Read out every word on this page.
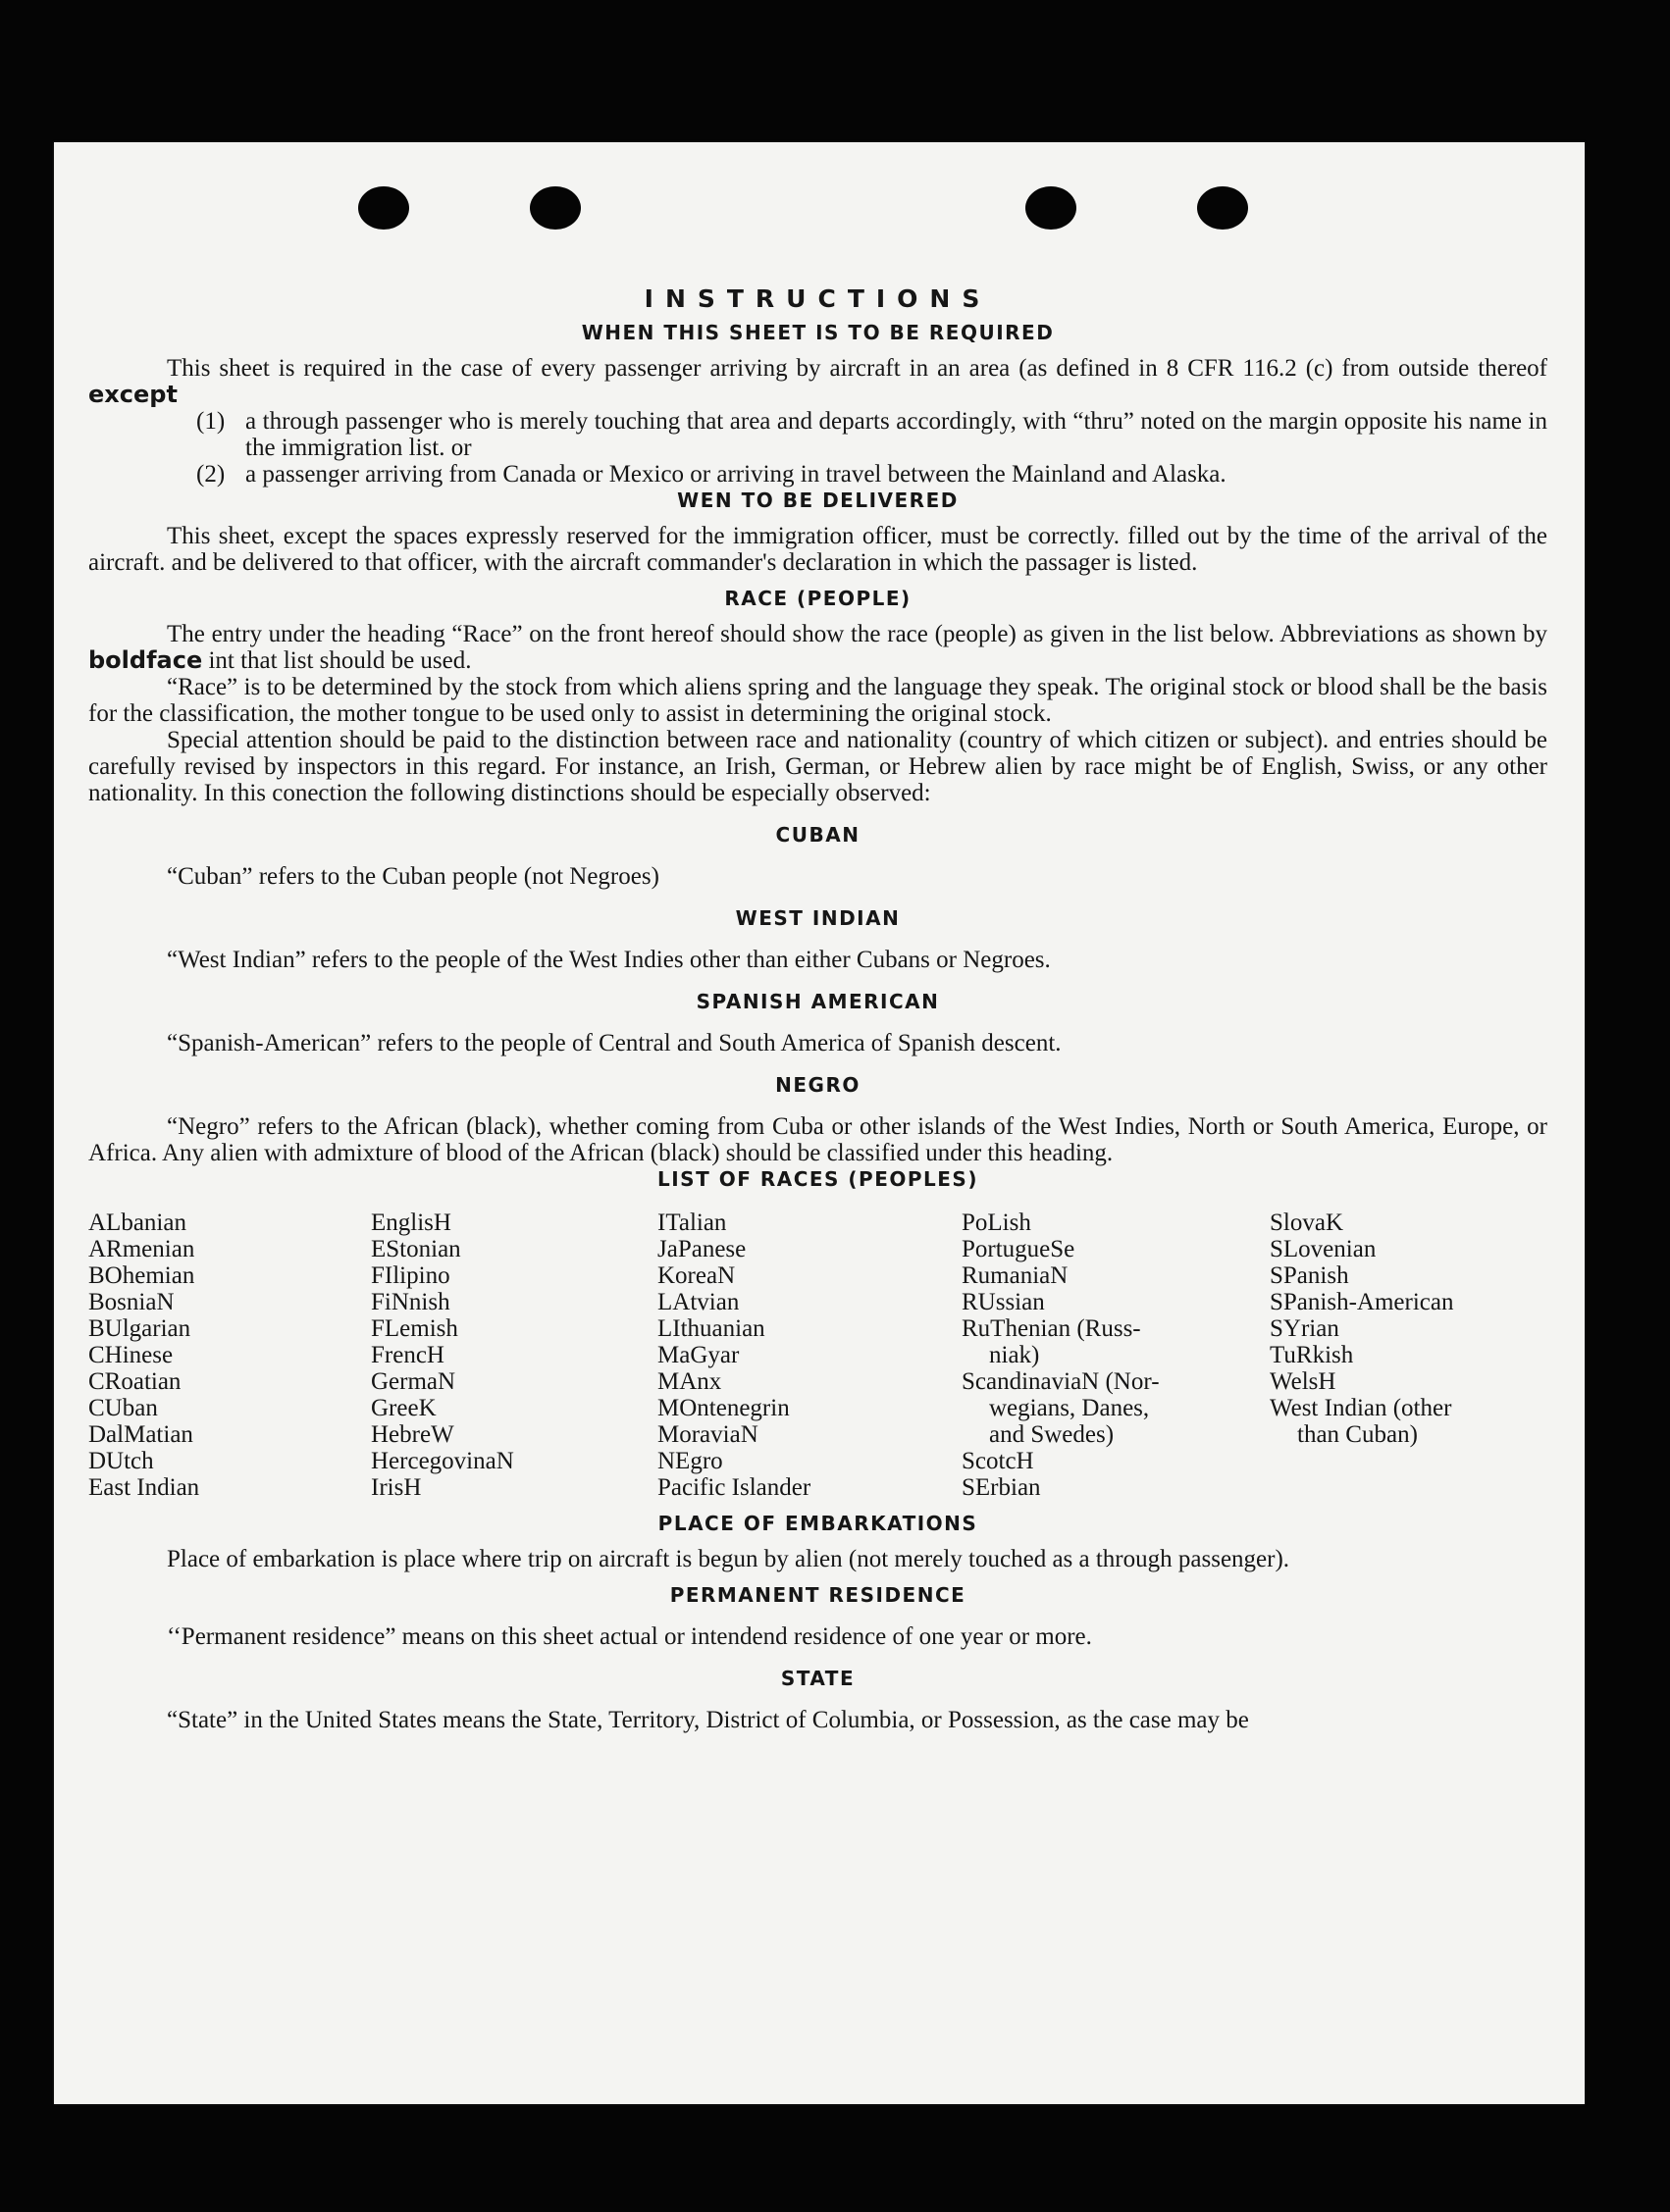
INSTRUCTIONS
WHEN THIS SHEET IS TO BE REQUIRED

This sheet is required in the case of every passenger arriving by aircraft in an area (as defined in 8 CFR 116.2 (c) from outside thereof except

(1) a through passenger who is merely touching that area and departs accordingly, with “thru” noted on the margin opposite his name in the immigration list. or
(2) a passenger arriving from Canada or Mexico or arriving in travel between the Mainland and Alaska.
WEN TO BE DELIVERED

This sheet, except the spaces expressly reserved for the immigration officer, must be correctly. filled out by the time of the arrival of the aircraft. and be delivered to that officer, with the aircraft commander's declaration in which the passager is listed.

RACE (PEOPLE)

The entry under the heading “Race” on the front hereof should show the race (people) as given in the list below. Abbreviations as shown by boldface int that list should be used.

“Race” is to be determined by the stock from which aliens spring and the language they speak. The original stock or blood shall be the basis for the classification, the mother tongue to be used only to assist in determining the original stock.

Special attention should be paid to the distinction between race and nationality (country of which citizen or subject). and entries should be carefully revised by inspectors in this regard. For instance, an Irish, German, or Hebrew alien by race might be of English, Swiss, or any other nationality. In this conection the following distinctions should be especially observed:

CUBAN

“Cuban” refers to the Cuban people (not Negroes)

WEST INDIAN

“West Indian” refers to the people of the West Indies other than either Cubans or Negroes.

SPANISH AMERICAN

“Spanish-American” refers to the people of Central and South America of Spanish descent.

NEGRO

“Negro” refers to the African (black), whether coming from Cuba or other islands of the West Indies, North or South America, Europe, or Africa. Any alien with admixture of blood of the African (black) should be classified under this heading.

LIST OF RACES (PEOPLES)
ALbanian
ARmenian
BOhemian
BosniaN
BUlgarian
CHinese
CRoatian
CUban
DalMatian
DUtch
East Indian
EnglisH
EStonian
FIlipino
FiNnish
FLemish
FrencH
GermaN
GreeK
HebreW
HercegovinaN
IrisH
ITalian
JaPanese
KoreaN
LAtvian
LIthuanian
MaGyar
MAnx
MOntenegrin
MoraviaN
NEgro
Pacific Islander
PoLish
PortugueSe
RumaniaN
RUssian
RuThenian (Russ-
niak)
ScandinaviaN (Nor-
wegians, Danes,
and Swedes)
ScotcH
SErbian
SlovaK
SLovenian
SPanish
SPanish-American
SYrian
TuRkish
WelsH
West Indian (other
than Cuban)
PLACE OF EMBARKATIONS

Place of embarkation is place where trip on aircraft is begun by alien (not merely touched as a through passenger).

PERMANENT RESIDENCE

‘‘Permanent residence” means on this sheet actual or intendend residence of one year or more.

STATE

“State” in the United States means the State, Territory, District of Columbia, or Possession, as the case may be
